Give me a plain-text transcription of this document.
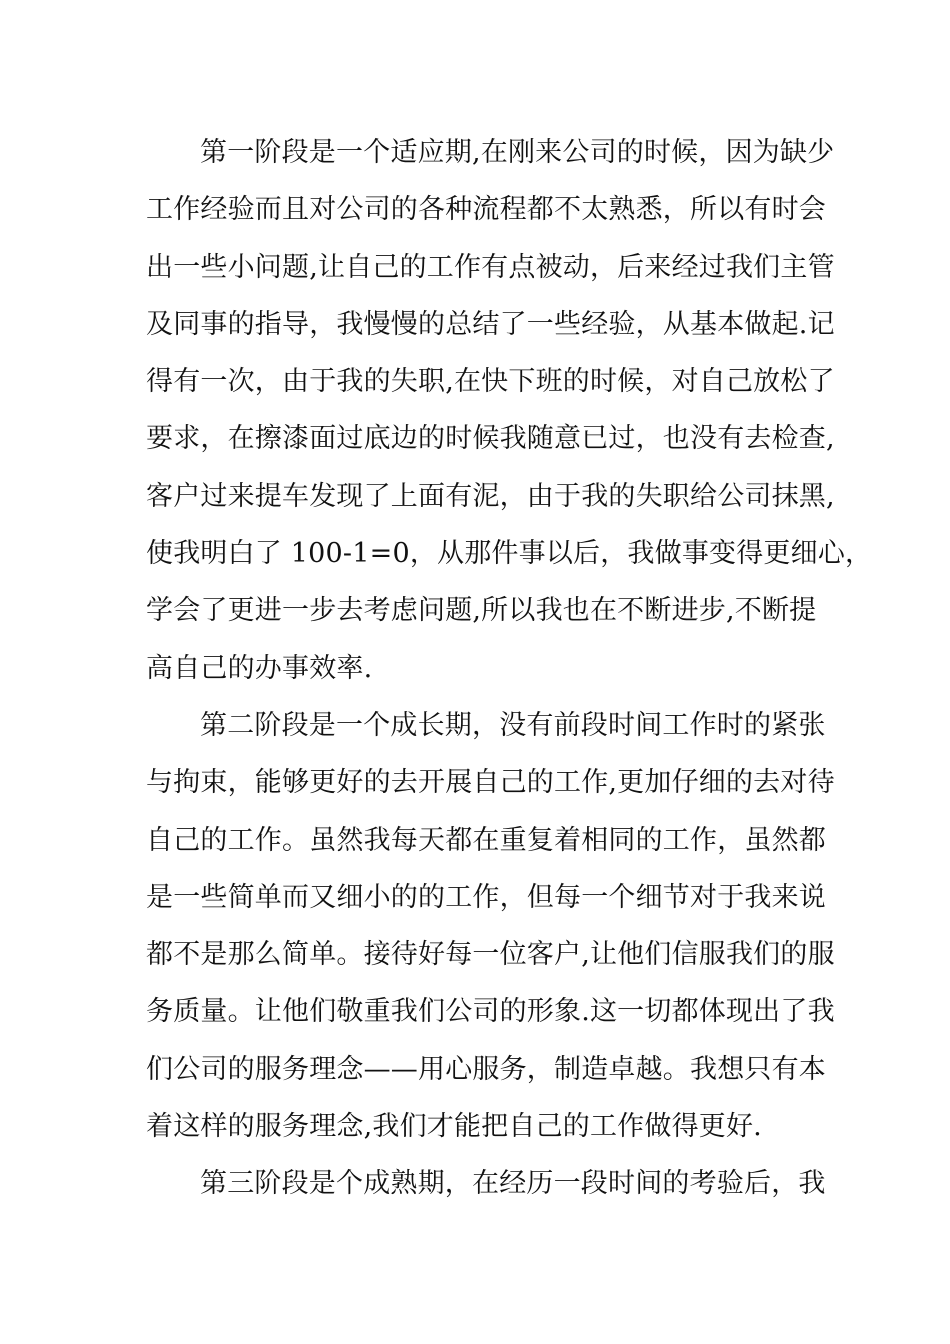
第一阶段是一个适应期,在刚来公司的时候，因为缺少
工作经验而且对公司的各种流程都不太熟悉，所以有时会
出一些小问题,让自己的工作有点被动，后来经过我们主管
及同事的指导，我慢慢的总结了一些经验，从基本做起.记
得有一次，由于我的失职,在快下班的时候，对自己放松了
要求，在擦漆面过底边的时候我随意已过，也没有去检查,
客户过来提车发现了上面有泥，由于我的失职给公司抹黑,
使我明白了 100-1=0，从那件事以后，我做事变得更细心，
学会了更进一步去考虑问题,所以我也在不断进步,不断提
高自己的办事效率.
第二阶段是一个成长期，没有前段时间工作时的紧张
与拘束，能够更好的去开展自己的工作,更加仔细的去对待
自己的工作。虽然我每天都在重复着相同的工作，虽然都
是一些简单而又细小的的工作，但每一个细节对于我来说
都不是那么简单。接待好每一位客户,让他们信服我们的服
务质量。让他们敬重我们公司的形象.这一切都体现出了我
们公司的服务理念——用心服务，制造卓越。我想只有本
着这样的服务理念,我们才能把自己的工作做得更好.
第三阶段是个成熟期，在经历一段时间的考验后，我
